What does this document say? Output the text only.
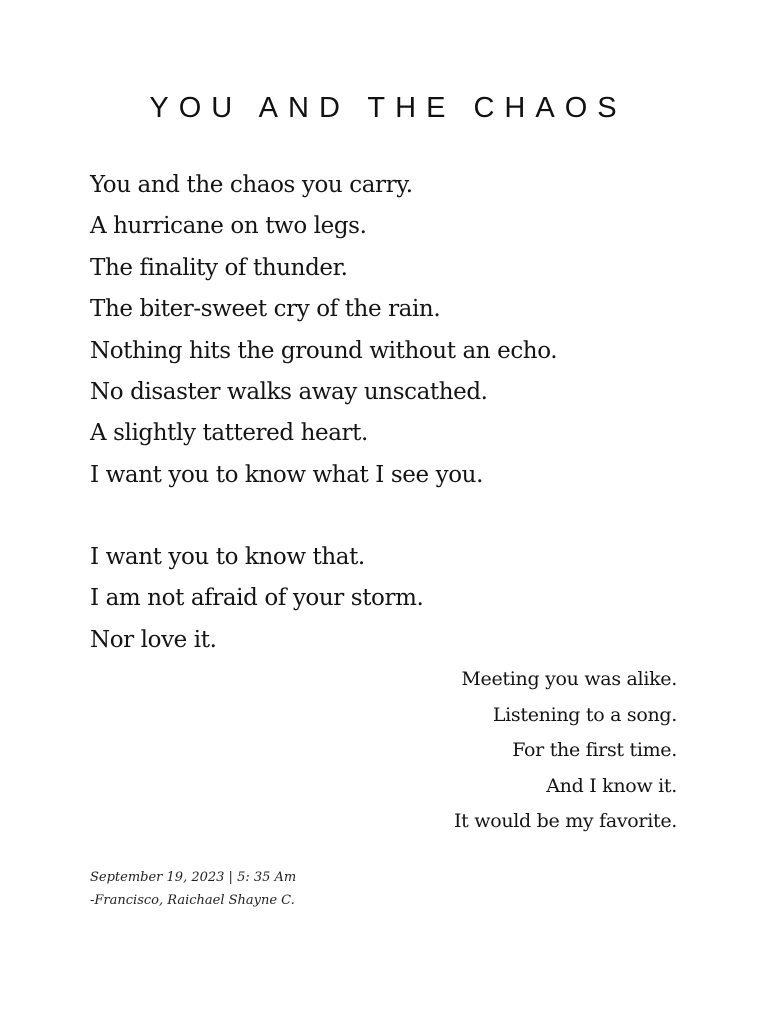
YOU AND THE CHAOS
You and the chaos you carry.
A hurricane on two legs.
The finality of thunder.
The biter-sweet cry of the rain.
Nothing hits the ground without an echo.
No disaster walks away unscathed.
A slightly tattered heart.
I want you to know what I see you.
I want you to know that.
I am not afraid of your storm.
Nor love it.
Meeting you was alike.
Listening to a song.
For the first time.
And I know it.
It would be my favorite.
September 19, 2023 | 5: 35 Am
-Francisco, Raichael Shayne C.
